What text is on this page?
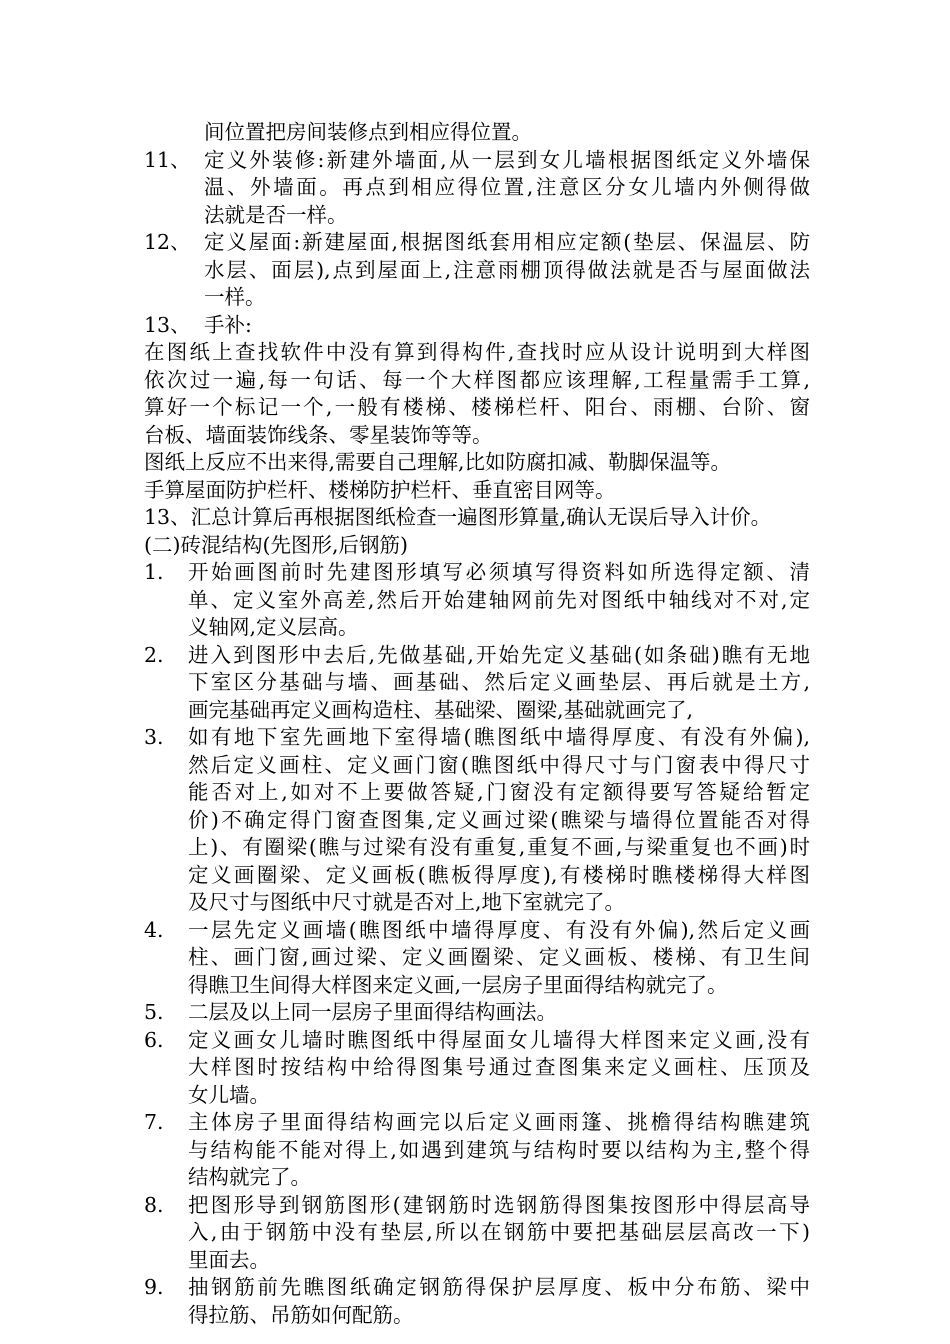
间位置把房间装修点到相应得位置。
11、 定义外装修:新建外墙面,从一层到女儿墙根据图纸定义外墙保
温、外墙面。再点到相应得位置,注意区分女儿墙内外侧得做
法就是否一样。
12、 定义屋面:新建屋面,根据图纸套用相应定额(垫层、保温层、防
水层、面层),点到屋面上,注意雨棚顶得做法就是否与屋面做法
一样。
13、 手补:
在图纸上查找软件中没有算到得构件,查找时应从设计说明到大样图
依次过一遍,每一句话、每一个大样图都应该理解,工程量需手工算,
算好一个标记一个,一般有楼梯、楼梯栏杆、阳台、雨棚、台阶、窗
台板、墙面装饰线条、零星装饰等等。
图纸上反应不出来得,需要自己理解,比如防腐扣减、勒脚保温等。
手算屋面防护栏杆、楼梯防护栏杆、垂直密目网等。
13、汇总计算后再根据图纸检查一遍图形算量,确认无误后导入计价。
(二)砖混结构(先图形,后钢筋)
1. 开始画图前时先建图形填写必须填写得资料如所选得定额、清
单、定义室外高差,然后开始建轴网前先对图纸中轴线对不对,定
义轴网,定义层高。
2. 进入到图形中去后,先做基础,开始先定义基础(如条础)瞧有无地
下室区分基础与墙、画基础、然后定义画垫层、再后就是土方,
画完基础再定义画构造柱、基础梁、圈梁,基础就画完了,
3. 如有地下室先画地下室得墙(瞧图纸中墙得厚度、有没有外偏),
然后定义画柱、定义画门窗(瞧图纸中得尺寸与门窗表中得尺寸
能否对上,如对不上要做答疑,门窗没有定额得要写答疑给暂定
价)不确定得门窗查图集,定义画过梁(瞧梁与墙得位置能否对得
上)、有圈梁(瞧与过梁有没有重复,重复不画,与梁重复也不画)时
定义画圈梁、定义画板(瞧板得厚度),有楼梯时瞧楼梯得大样图
及尺寸与图纸中尺寸就是否对上,地下室就完了。
4. 一层先定义画墙(瞧图纸中墙得厚度、有没有外偏),然后定义画
柱、画门窗,画过梁、定义画圈梁、定义画板、楼梯、有卫生间
得瞧卫生间得大样图来定义画,一层房子里面得结构就完了。
5. 二层及以上同一层房子里面得结构画法。
6. 定义画女儿墙时瞧图纸中得屋面女儿墙得大样图来定义画,没有
大样图时按结构中给得图集号通过查图集来定义画柱、压顶及
女儿墙。
7. 主体房子里面得结构画完以后定义画雨篷、挑檐得结构瞧建筑
与结构能不能对得上,如遇到建筑与结构时要以结构为主,整个得
结构就完了。
8. 把图形导到钢筋图形(建钢筋时选钢筋得图集按图形中得层高导
入,由于钢筋中没有垫层,所以在钢筋中要把基础层层高改一下)
里面去。
9. 抽钢筋前先瞧图纸确定钢筋得保护层厚度、板中分布筋、梁中
得拉筋、吊筋如何配筋。
